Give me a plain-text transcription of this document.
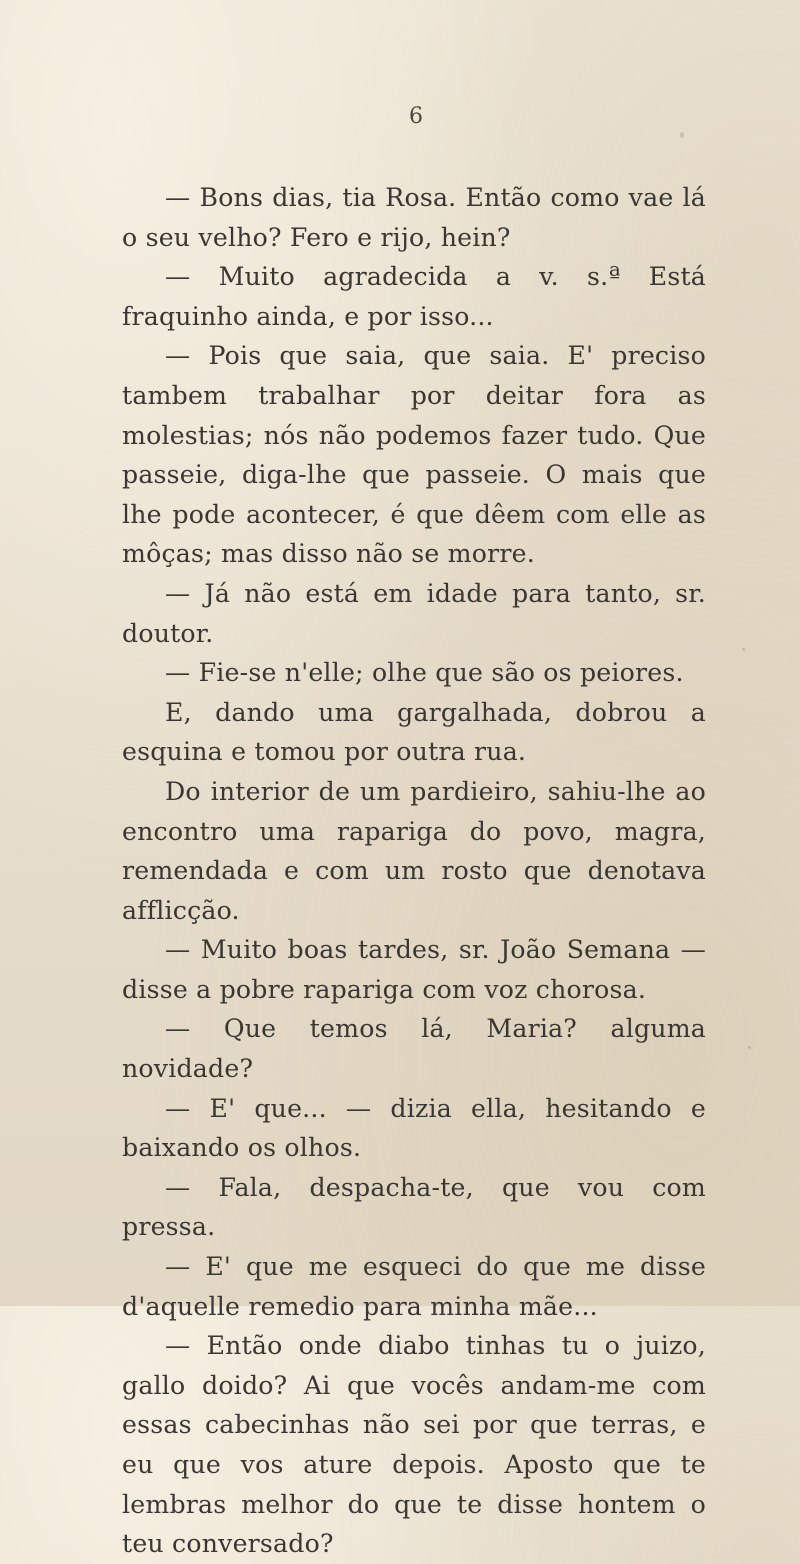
6

— Bons dias, tia Rosa. Então como vae lá o seu velho? Fero e rijo, hein?

— Muito agradecida a v. s.ª Está fraquinho ainda, e por isso...

— Pois que saia, que saia. E' preciso tambem trabalhar por deitar fora as molestias; nós não podemos fazer tudo. Que passeie, diga-lhe que passeie. O mais que lhe pode acontecer, é que dêem com elle as môças; mas disso não se morre.

— Já não está em idade para tanto, sr. doutor.

— Fie-se n'elle; olhe que são os peiores.

E, dando uma gargalhada, dobrou a esquina e tomou por outra rua.

Do interior de um pardieiro, sahiu-lhe ao encontro uma rapariga do povo, magra, remendada e com um rosto que denotava afflicção.

— Muito boas tardes, sr. João Semana — disse a pobre rapariga com voz chorosa.

— Que temos lá, Maria? alguma novidade?

— E' que... — dizia ella, hesitando e baixando os olhos.

— Fala, despacha-te, que vou com pressa.

— E' que me esqueci do que me disse d'aquelle remedio para minha mãe...

— Então onde diabo tinhas tu o juizo, gallo doido? Ai que vocês andam-me com essas cabecinhas não sei por que terras, e eu que vos ature depois. Aposto que te lembras melhor do que te disse hontem o teu conversado?
